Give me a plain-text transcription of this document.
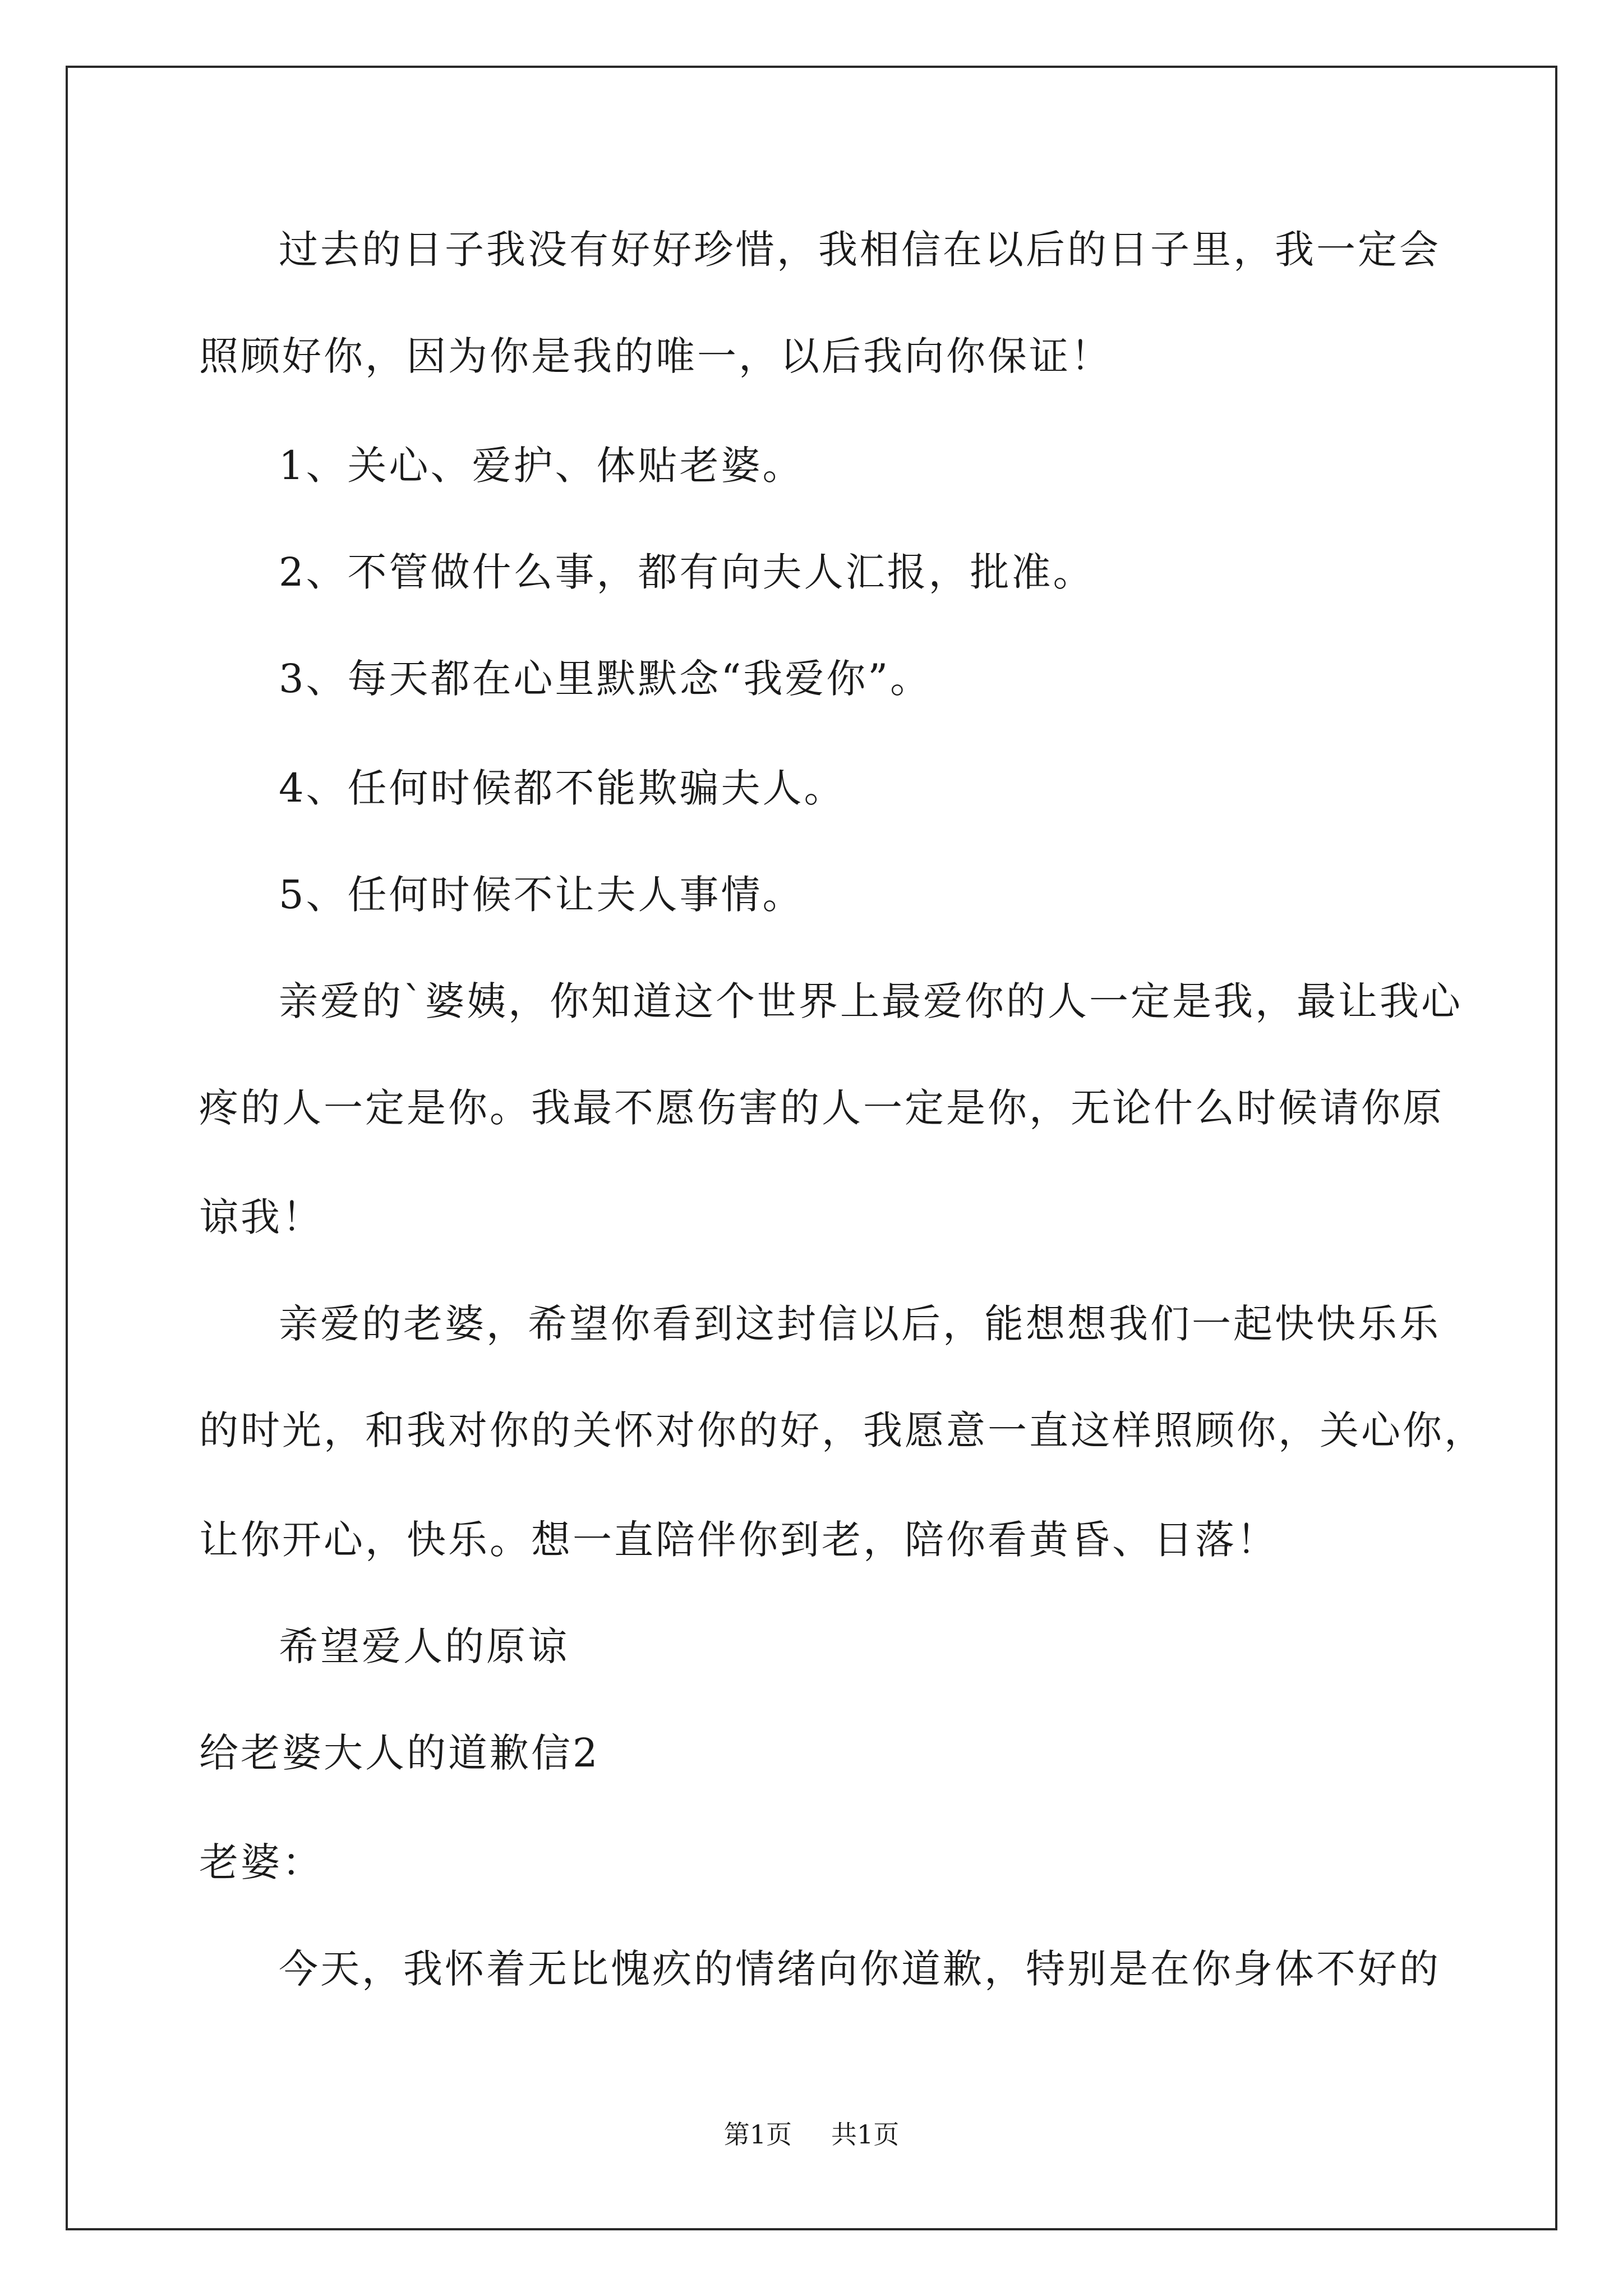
过去的日子我没有好好珍惜，我相信在以后的日子里，我一定会
照顾好你，因为你是我的唯一，以后我向你保证！
1、关心、爱护、体贴老婆。
2、不管做什么事，都有向夫人汇报，批准。
3、每天都在心里默默念“我爱你”。
4、任何时候都不能欺骗夫人。
5、任何时候不让夫人事情。
亲爱的`婆姨，你知道这个世界上最爱你的人一定是我，最让我心
疼的人一定是你。我最不愿伤害的人一定是你，无论什么时候请你原
谅我！
亲爱的老婆，希望你看到这封信以后，能想想我们一起快快乐乐
的时光，和我对你的关怀对你的好，我愿意一直这样照顾你，关心你，
让你开心，快乐。想一直陪伴你到老，陪你看黄昏、日落！
希望爱人的原谅
给老婆大人的道歉信2
老婆：
今天，我怀着无比愧疚的情绪向你道歉，特别是在你身体不好的
第1页 共1页
